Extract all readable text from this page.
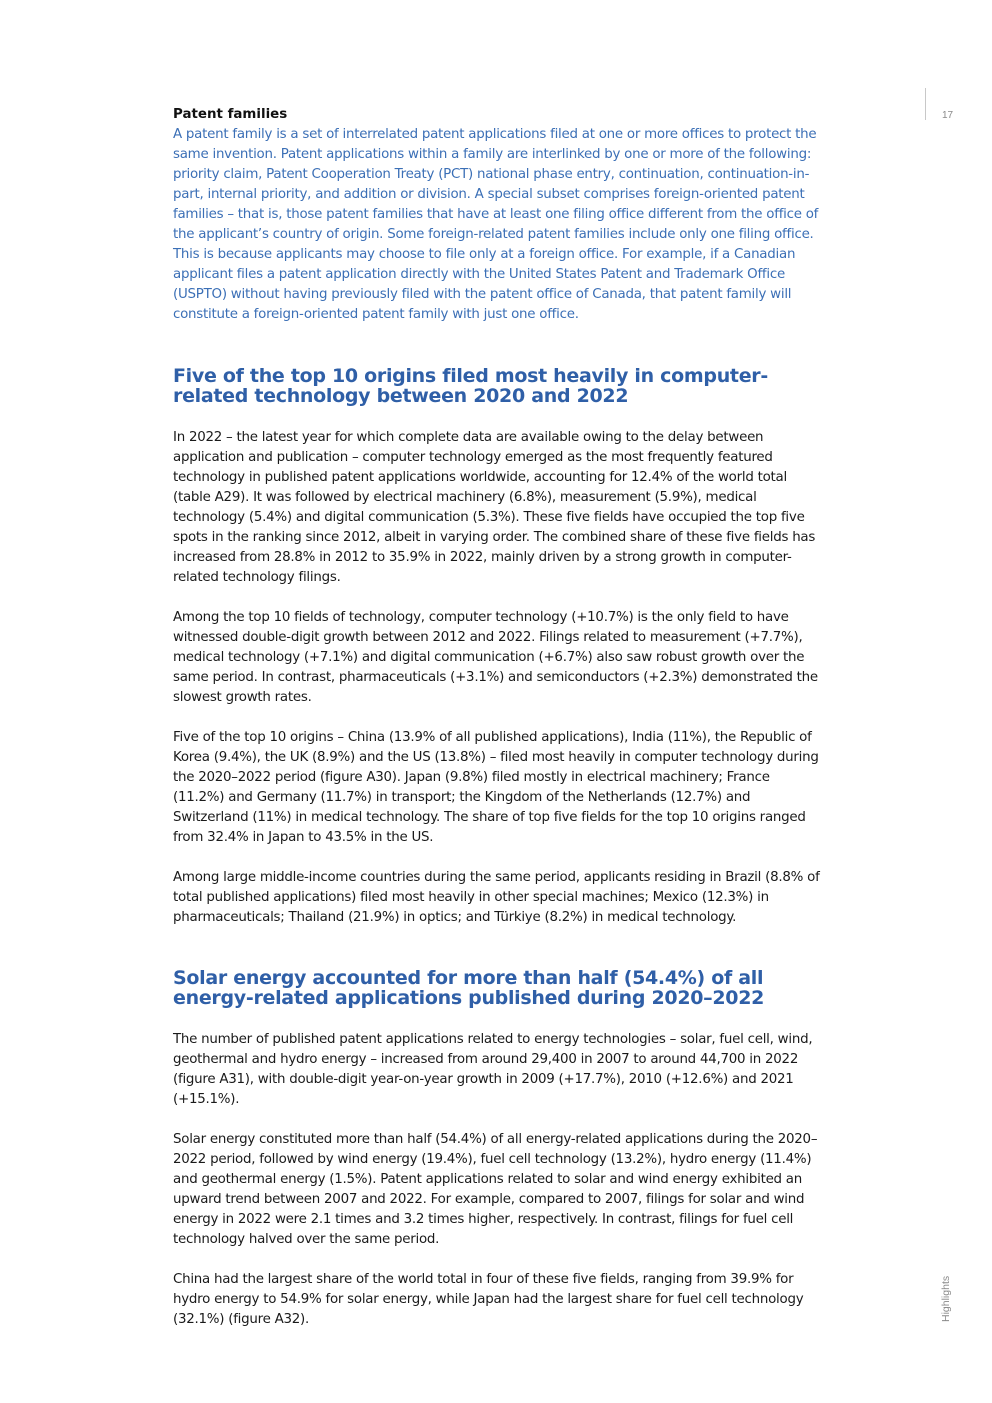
17
Highlights
Patent families

A patent family is a set of interrelated patent applications filed at one or more offices to protect the same invention. Patent applications within a family are interlinked by one or more of the following: priority claim, Patent Cooperation Treaty (PCT) national phase entry, continuation, continuation-in-part, internal priority, and addition or division. A special subset comprises foreign-oriented patent families – that is, those patent families that have at least one filing office different from the office of the applicant’s country of origin. Some foreign-related patent families include only one filing office. This is because applicants may choose to file only at a foreign office. For example, if a Canadian applicant files a patent application directly with the United States Patent and Trademark Office (USPTO) without having previously filed with the patent office of Canada, that patent family will constitute a foreign-oriented patent family with just one office.

Five of the top 10 origins filed most heavily in computer-related technology between 2020 and 2022

In 2022 – the latest year for which complete data are available owing to the delay between application and publication – computer technology emerged as the most frequently featured technology in published patent applications worldwide, accounting for 12.4% of the world total (table A29). It was followed by electrical machinery (6.8%), measurement (5.9%), medical technology (5.4%) and digital communication (5.3%). These five fields have occupied the top five spots in the ranking since 2012, albeit in varying order. The combined share of these five fields has increased from 28.8% in 2012 to 35.9% in 2022, mainly driven by a strong growth in computer-related technology filings.

Among the top 10 fields of technology, computer technology (+10.7%) is the only field to have witnessed double-digit growth between 2012 and 2022. Filings related to measurement (+7.7%), medical technology (+7.1%) and digital communication (+6.7%) also saw robust growth over the same period. In contrast, pharmaceuticals (+3.1%) and semiconductors (+2.3%) demonstrated the slowest growth rates.

Five of the top 10 origins – China (13.9% of all published applications), India (11%), the Republic of Korea (9.4%), the UK (8.9%) and the US (13.8%) – filed most heavily in computer technology during the 2020–2022 period (figure A30). Japan (9.8%) filed mostly in electrical machinery; France (11.2%) and Germany (11.7%) in transport; the Kingdom of the Netherlands (12.7%) and Switzerland (11%) in medical technology. The share of top five fields for the top 10 origins ranged from 32.4% in Japan to 43.5% in the US.

Among large middle-income countries during the same period, applicants residing in Brazil (8.8% of total published applications) filed most heavily in other special machines; Mexico (12.3%) in pharmaceuticals; Thailand (21.9%) in optics; and Türkiye (8.2%) in medical technology.

Solar energy accounted for more than half (54.4%) of all energy-related applications published during 2020–2022

The number of published patent applications related to energy technologies – solar, fuel cell, wind, geothermal and hydro energy – increased from around 29,400 in 2007 to around 44,700 in 2022 (figure A31), with double-digit year-on-year growth in 2009 (+17.7%), 2010 (+12.6%) and 2021 (+15.1%).

Solar energy constituted more than half (54.4%) of all energy-related applications during the 2020–2022 period, followed by wind energy (19.4%), fuel cell technology (13.2%), hydro energy (11.4%) and geothermal energy (1.5%). Patent applications related to solar and wind energy exhibited an upward trend between 2007 and 2022. For example, compared to 2007, filings for solar and wind energy in 2022 were 2.1 times and 3.2 times higher, respectively. In contrast, filings for fuel cell technology halved over the same period.

China had the largest share of the world total in four of these five fields, ranging from 39.9% for hydro energy to 54.9% for solar energy, while Japan had the largest share for fuel cell technology (32.1%) (figure A32).
